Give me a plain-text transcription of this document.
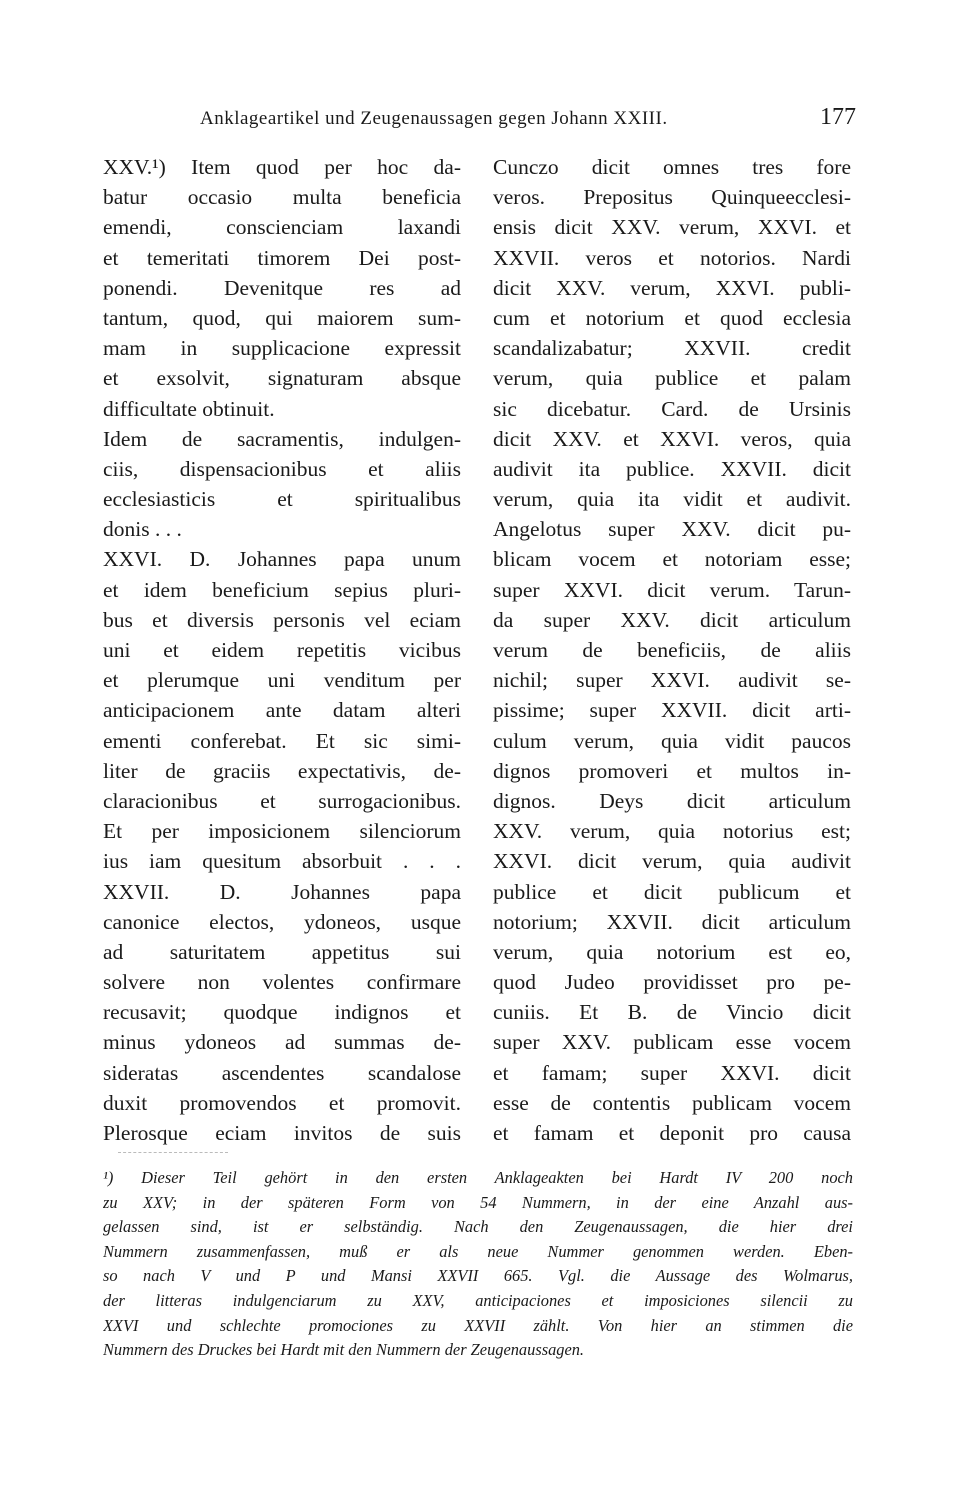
Anklageartikel und Zeugenaussagen gegen Johann XXIII.	177
XXV.¹) Item quod per hoc da-
batur occasio multa beneficia
emendi, conscienciam laxandi
et temeritati timorem Dei post-
ponendi. Devenitque res ad
tantum, quod, qui maiorem sum-
mam in supplicacione expressit
et exsolvit, signaturam absque
difficultate obtinuit.
Idem de sacramentis, indulgen-
ciis, dispensacionibus et aliis
ecclesiasticis et spiritualibus
donis . . .
XXVI. D. Johannes papa unum
et idem beneficium sepius pluri-
bus et diversis personis vel eciam
uni et eidem repetitis vicibus
et plerumque uni venditum per
anticipacionem ante datam alteri
ementi conferebat. Et sic simi-
liter de graciis expectativis, de-
claracionibus et surrogacionibus.
Et per imposicionem silenciorum
ius iam quesitum absorbuit . . .
XXVII. D. Johannes papa
canonice electos, ydoneos, usque
ad saturitatem appetitus sui
solvere non volentes confirmare
recusavit; quodque indignos et
minus ydoneos ad summas de-
sideratas ascendentes scandalose
duxit promovendos et promovit.
Plerosque eciam invitos de suis
Cunczo dicit omnes tres fore
veros. Prepositus Quinqueecclesi-
ensis dicit XXV. verum, XXVI. et
XXVII. veros et notorios. Nardi
dicit XXV. verum, XXVI. publi-
cum et notorium et quod ecclesia
scandalizabatur; XXVII. credit
verum, quia publice et palam
sic dicebatur. Card. de Ursinis
dicit XXV. et XXVI. veros, quia
audivit ita publice. XXVII. dicit
verum, quia ita vidit et audivit.
Angelotus super XXV. dicit pu-
blicam vocem et notoriam esse;
super XXVI. dicit verum. Tarun-
da super XXV. dicit articulum
verum de beneficiis, de aliis
nichil; super XXVI. audivit se-
pissime; super XXVII. dicit arti-
culum verum, quia vidit paucos
dignos promoveri et multos in-
dignos. Deys dicit articulum
XXV. verum, quia notorius est;
XXVI. dicit verum, quia audivit
publice et dicit publicum et
notorium; XXVII. dicit articulum
verum, quia notorium est eo,
quod Judeo providisset pro pe-
cuniis. Et B. de Vincio dicit
super XXV. publicam esse vocem
et famam; super XXVI. dicit
esse de contentis publicam vocem
et famam et deponit pro causa
¹) Dieser Teil gehört in den ersten Anklageakten bei Hardt IV 200 noch
zu XXV; in der späteren Form von 54 Nummern, in der eine Anzahl aus-
gelassen sind, ist er selbständig. Nach den Zeugenaussagen, die hier drei
Nummern zusammenfassen, muß er als neue Nummer genommen werden. Eben-
so nach V und P und Mansi XXVII 665. Vgl. die Aussage des Wolmarus,
der litteras indulgenciarum zu XXV, anticipaciones et imposiciones silencii zu
XXVI und schlechte promociones zu XXVII zählt. Von hier an stimmen die
Nummern des Druckes bei Hardt mit den Nummern der Zeugenaussagen.
